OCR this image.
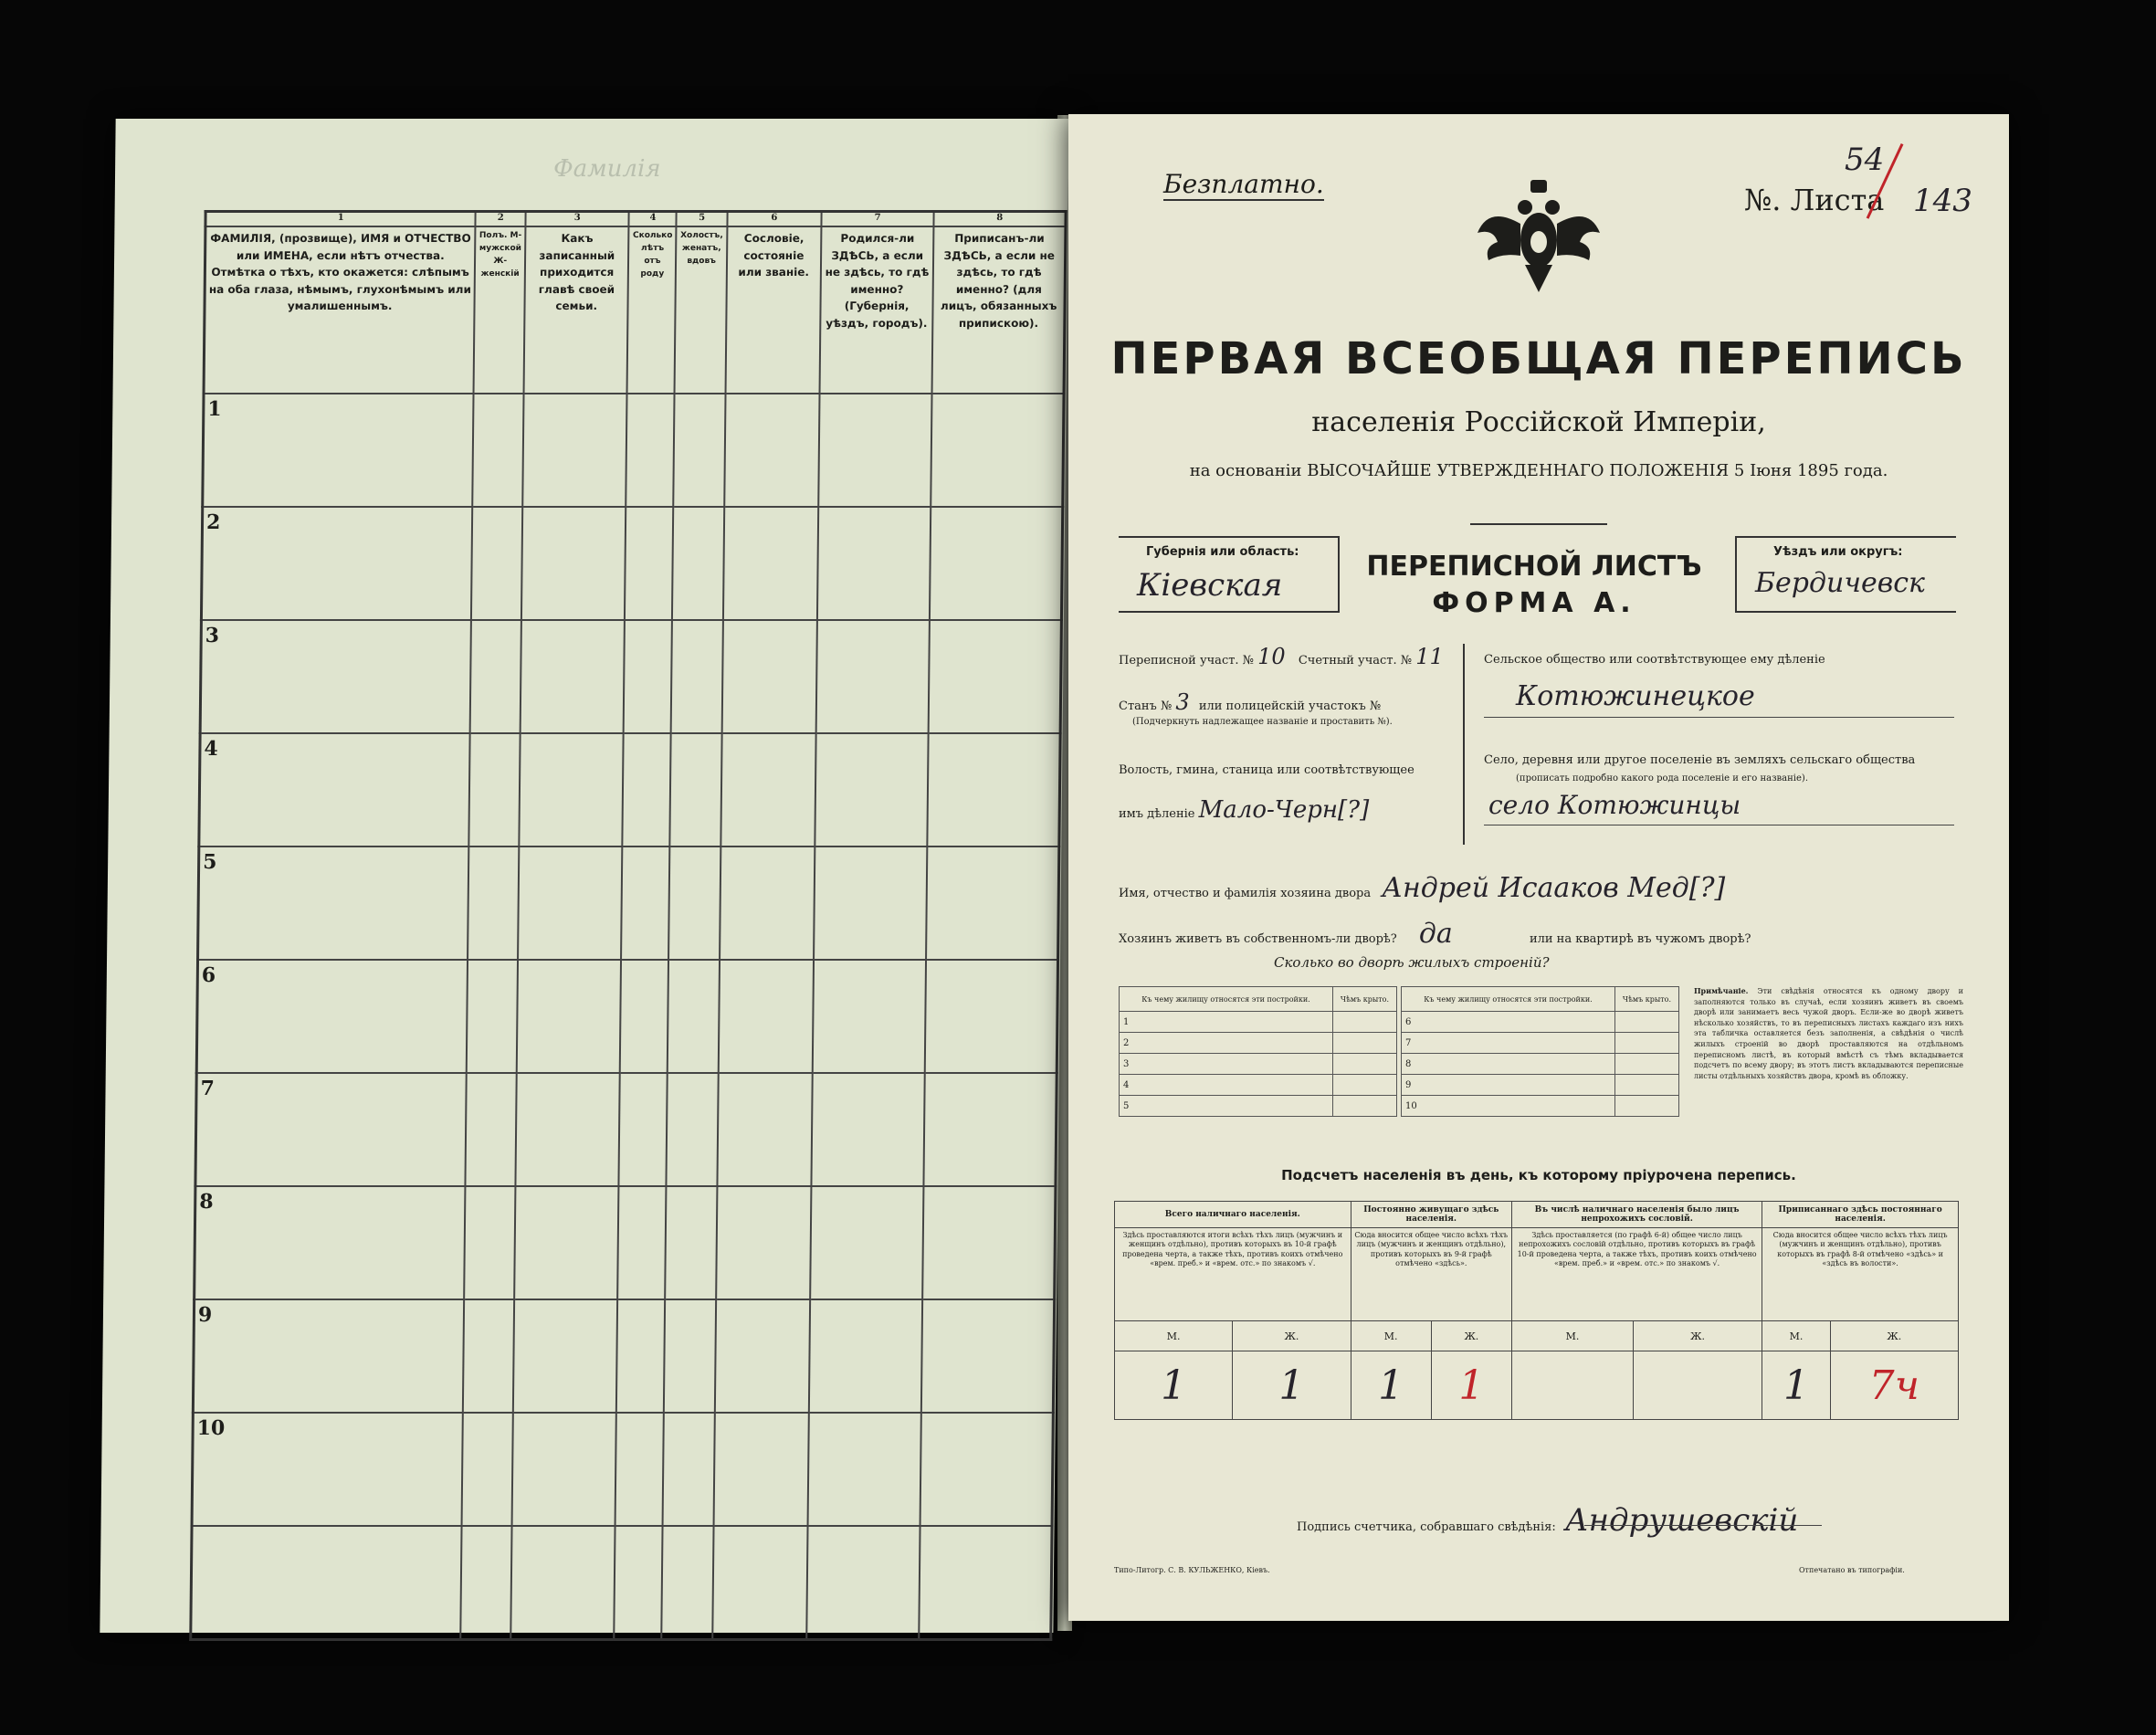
Фамилія
1	2	3	4	5	6	7	8
ФАМИЛІЯ, (прозвище), ИМЯ и ОТЧЕСТВО или ИМЕНА, если нѣтъ отчества. Отмѣтка о тѣхъ, кто окажется: слѣпымъ на оба глаза, нѣмымъ, глухонѣмымъ или умалишеннымъ.	Полъ. М-мужской Ж-женскій	Какъ записанный приходится главѣ своей семьи.	Сколько лѣтъ отъ роду	Холостъ, женатъ, вдовъ	Сословіе, состояніе или званіе.	Родился-ли ЗДѢСЬ, а если не здѣсь, то гдѣ именно? (Губернія, уѣздъ, городъ).	Приписанъ-ли ЗДѢСЬ, а если не здѣсь, то гдѣ именно? (для лицъ, обязанныхъ припискою).
1							
2							
3							
4							
5							
6							
7							
8							
9							
10							

Безплатно.	№. Листа
54
143
ПЕРВАЯ ВСЕОБЩАЯ ПЕРЕПИСЬ
населенія Россійской Имперіи,
на основаніи ВЫСОЧАЙШЕ УТВЕРЖДЕННАГО ПОЛОЖЕНІЯ 5 Іюня 1895 года.
Губернія или область:
Кіевская
ПЕРЕПИСНОЙ ЛИСТЪ
ФОРМА А.
Уѣздъ или округъ:
Бердичевск
Переписной участ. № 10 Счетный участ. № 11
Станъ № 3 или полицейскій участокъ №
(Подчеркнуть надлежащее названіе и проставить №).
Волость, гмина, станица или соотвѣтствующее имъ дѣленіе Мало-Черн[?]
Сельское общество или соотвѣтствующее ему дѣленіе
Котюжинецкое
Село, деревня или другое поселеніе въ земляхъ сельскаго общества
(прописать подробно какого рода поселеніе и его названіе).
село Котюжинцы
Имя, отчество и фамилія хозяина двора Андрей Исааков Мед[?]
Хозяинъ живетъ въ собственномъ-ли дворѣ? да	или на квартирѣ въ чужомъ дворѣ?
Сколько во дворѣ жилыхъ строеній?
Къ чему жилищу относятся эти постройки.	Чѣмъ крыто.
1	
2	
3	
4	
5	
Къ чему жилищу относятся эти постройки.	Чѣмъ крыто.
6	
7	
8	
9	
10	
Примѣчаніе. Эти свѣдѣнія относятся къ одному двору и заполняются только въ случаѣ, если хозяинъ живетъ въ своемъ дворѣ или занимаетъ весь чужой дворъ. Если-же во дворѣ живетъ нѣсколько хозяйствъ, то въ переписныхъ листахъ каждаго изъ нихъ эта табличка оставляется безъ заполненія, а свѣдѣнія о числѣ жилыхъ строеній во дворѣ проставляются на отдѣльномъ переписномъ листѣ, въ который вмѣстѣ съ тѣмъ вкладывается подсчетъ по всему двору; въ этотъ листъ вкладываются переписные листы отдѣльныхъ хозяйствъ двора, кромѣ въ обложку.
Подсчетъ населенія въ день, къ которому пріурочена перепись.
Всего наличнаго населенія.		Постоянно живущаго здѣсь населенія.		Въ числѣ наличнаго населенія было лицъ непрохожихъ сословій.		Приписаннаго здѣсь постояннаго населенія.	
Здѣсь проставляются итоги всѣхъ тѣхъ лицъ (мужчинъ и женщинъ отдѣльно), противъ которыхъ въ 10-й графѣ проведена черта, а также тѣхъ, противъ коихъ отмѣчено «врем. преб.» и «врем. отс.» по знакомъ √.		Сюда вносится общее число всѣхъ тѣхъ лицъ (мужчинъ и женщинъ отдѣльно), противъ которыхъ въ 9-й графѣ отмѣчено «здѣсь».		Здѣсь проставляется (по графѣ 6-й) общее число лицъ непрохожихъ сословій отдѣльно, противъ которыхъ въ графѣ 10-й проведена черта, а также тѣхъ, противъ коихъ отмѣчено «врем. преб.» и «врем. отс.» по знакомъ √.		Сюда вносится общее число всѣхъ тѣхъ лицъ (мужчинъ и женщинъ отдѣльно), противъ которыхъ въ графѣ 8-й отмѣчено «здѣсь» и «здѣсь въ волости».	
М.	Ж.	М.	Ж.	М.	Ж.	М.	Ж.
1	1	1	1			1	7ч
Подпись счетчика, собравшаго свѣдѣнія: Андрушевскій
Типо-Литогр. С. В. КУЛЬЖЕНКО, Кіевъ.	Отпечатано въ типографіи.
